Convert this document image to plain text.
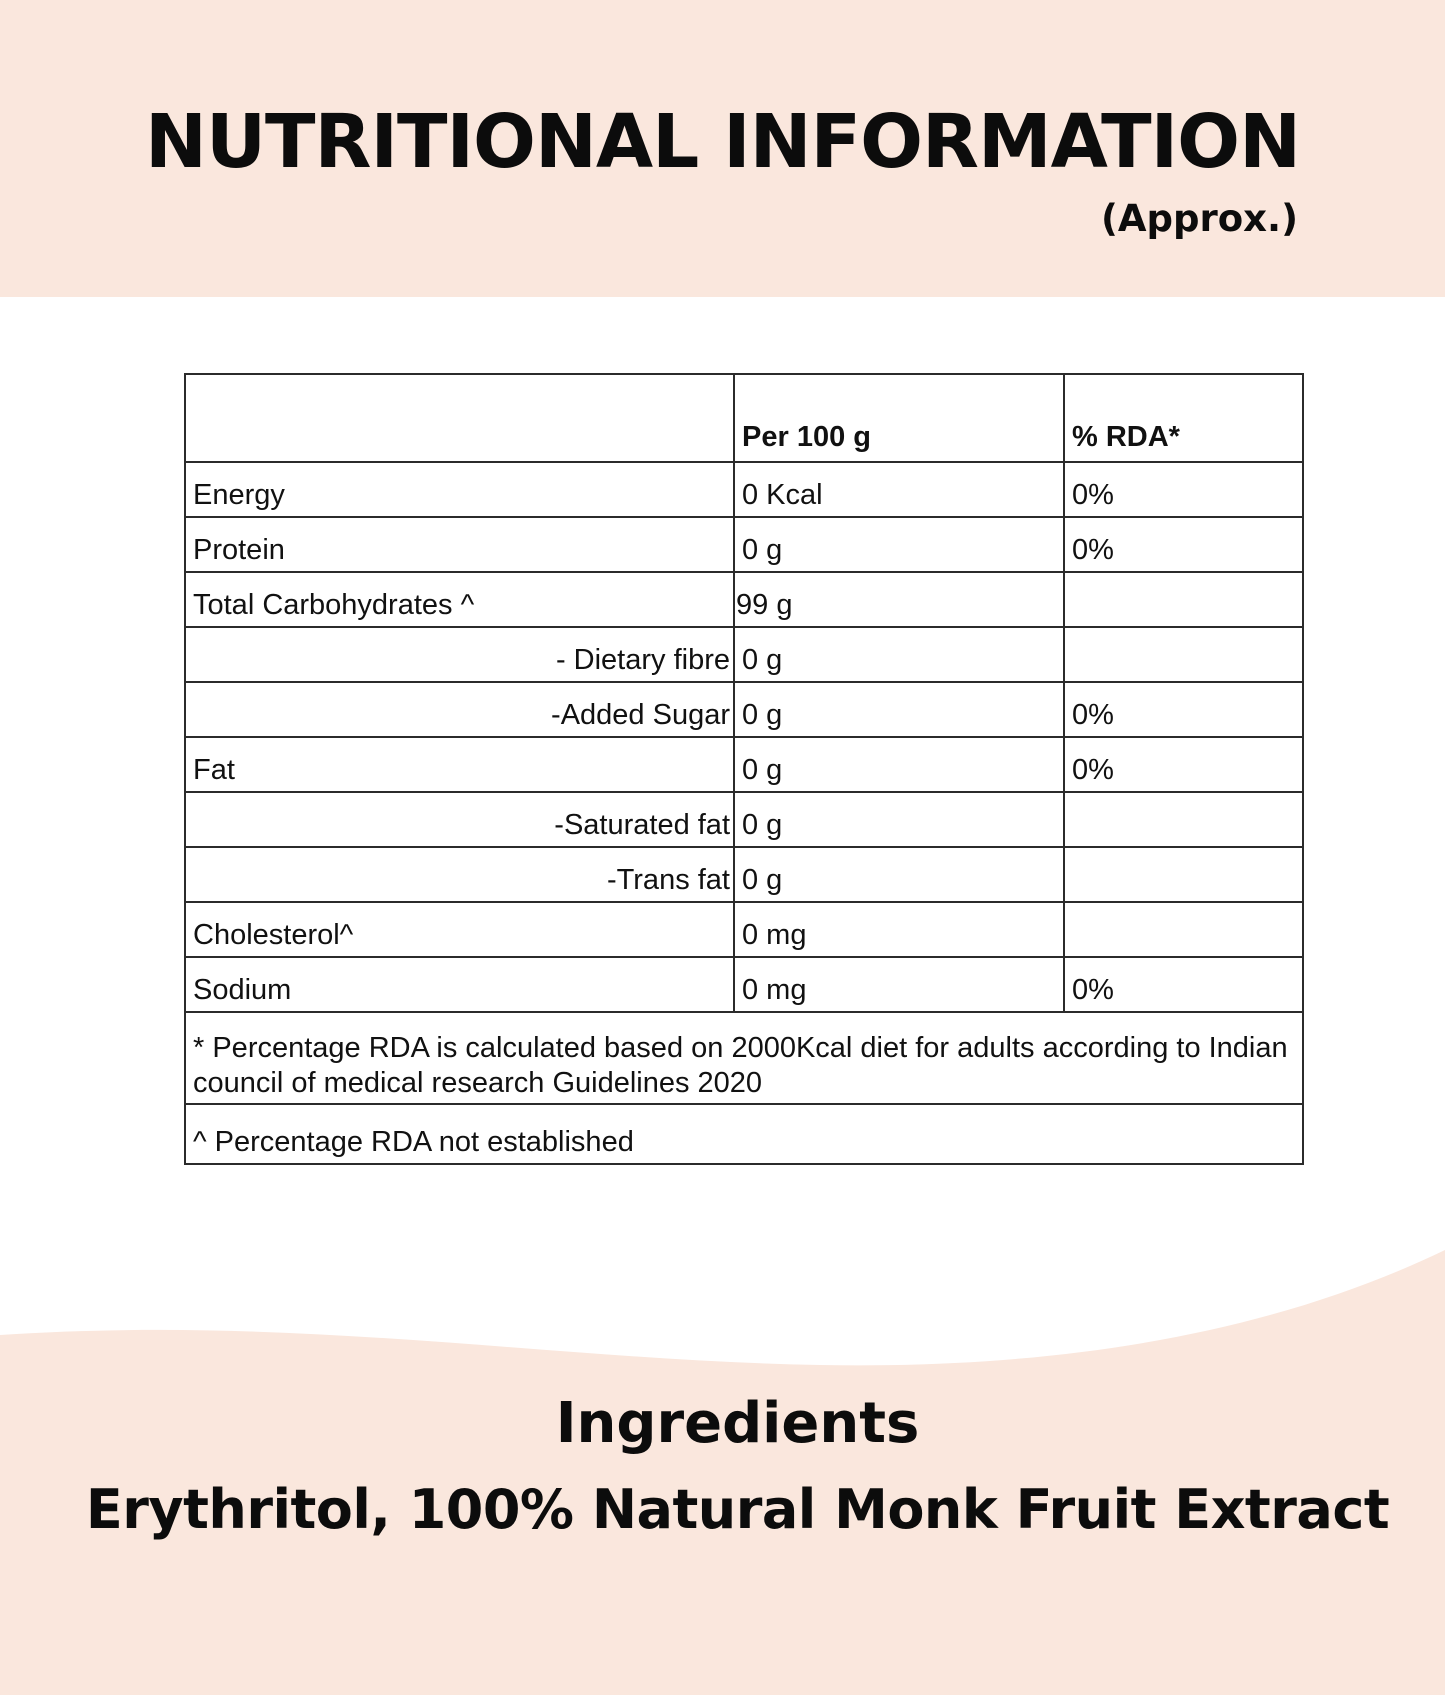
NUTRITIONAL INFORMATION
(Approx.)
	Per 100 g	% RDA*
Energy	0 Kcal	0%
Protein	0 g	0%
Total Carbohydrates ^	99 g	
- Dietary fibre	0 g	
-Added Sugar	0 g	0%
Fat	0 g	0%
-Saturated fat	0 g	
-Trans fat	0 g	
Cholesterol^	0 mg	
Sodium	0 mg	0%
* Percentage RDA is calculated based on 2000Kcal diet for adults according to Indian council of medical research Guidelines 2020		
^ Percentage RDA not established		
Ingredients
Erythritol, 100% Natural Monk Fruit Extract
